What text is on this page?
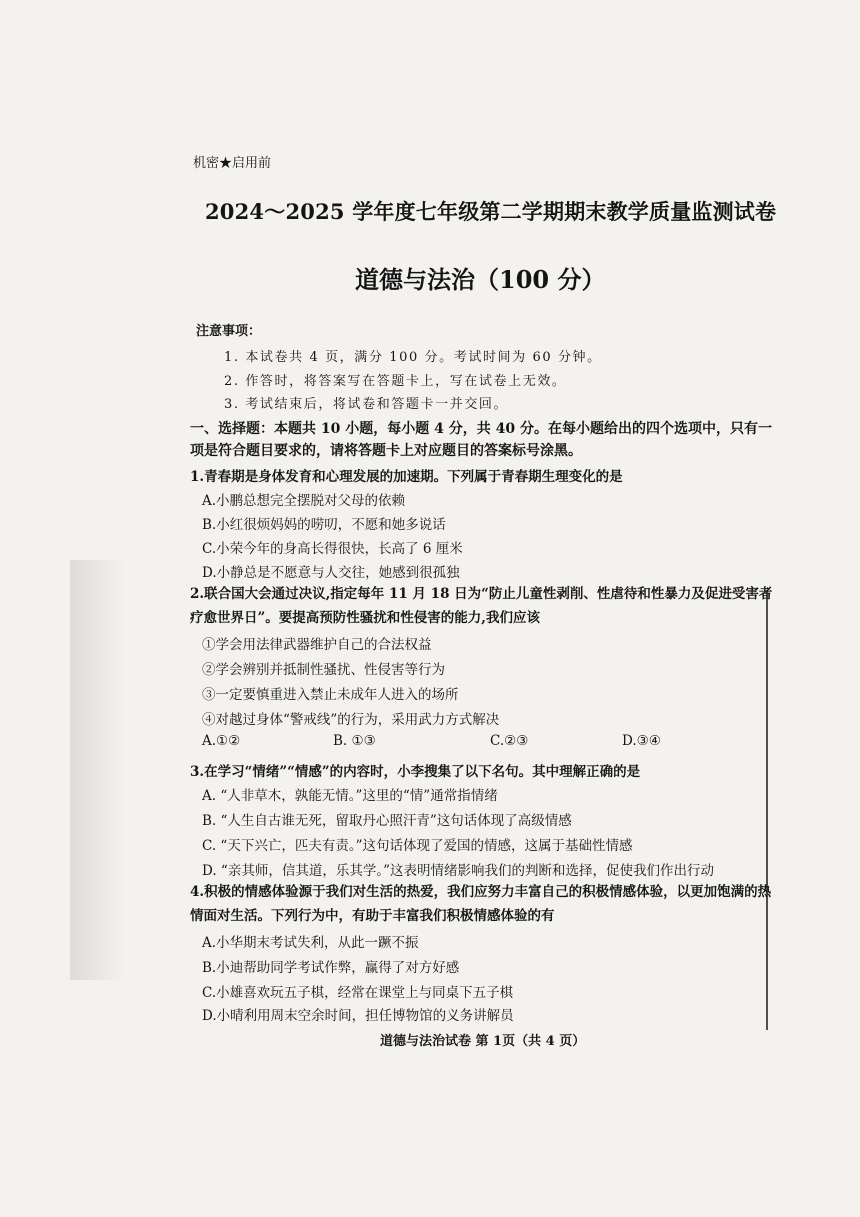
机密★启用前
2024～2025 学年度七年级第二学期期末教学质量监测试卷
道德与法治（100 分）
注意事项：
1. 本试卷共 4 页，满分 100 分。考试时间为 60 分钟。
2. 作答时，将答案写在答题卡上，写在试卷上无效。
3. 考试结束后，将试卷和答题卡一并交回。
一、选择题：本题共 10 小题，每小题 4 分，共 40 分。在每小题给出的四个选项中，只有一项是符合题目要求的，请将答题卡上对应题目的答案标号涂黑。
1.青春期是身体发育和心理发展的加速期。下列属于青春期生理变化的是
A.小鹏总想完全摆脱对父母的依赖
B.小红很烦妈妈的唠叨，不愿和她多说话
C.小荣今年的身高长得很快，长高了 6 厘米
D.小静总是不愿意与人交往，她感到很孤独
2.联合国大会通过决议,指定每年 11 月 18 日为“防止儿童性剥削、性虐待和性暴力及促进受害者疗愈世界日”。要提高预防性骚扰和性侵害的能力,我们应该
①学会用法律武器维护自己的合法权益
②学会辨别并抵制性骚扰、性侵害等行为
③一定要慎重进入禁止未成年人进入的场所
④对越过身体“警戒线”的行为，采用武力方式解决
A.①②	B. ①③	C.②③	D.③④
3.在学习“情绪”“情感”的内容时，小李搜集了以下名句。其中理解正确的是
A. “人非草木，孰能无情。”这里的“情”通常指情绪
B. “人生自古谁无死，留取丹心照汗青”这句话体现了高级情感
C. “天下兴亡，匹夫有责。”这句话体现了爱国的情感，这属于基础性情感
D. “亲其师，信其道，乐其学。”这表明情绪影响我们的判断和选择，促使我们作出行动
4.积极的情感体验源于我们对生活的热爱，我们应努力丰富自己的积极情感体验，以更加饱满的热情面对生活。下列行为中，有助于丰富我们积极情感体验的有
A.小华期末考试失利，从此一蹶不振
B.小迪帮助同学考试作弊，赢得了对方好感
C.小雄喜欢玩五子棋，经常在课堂上与同桌下五子棋
D.小晴利用周末空余时间，担任博物馆的义务讲解员
道德与法治试卷 第 1页（共 4 页）
